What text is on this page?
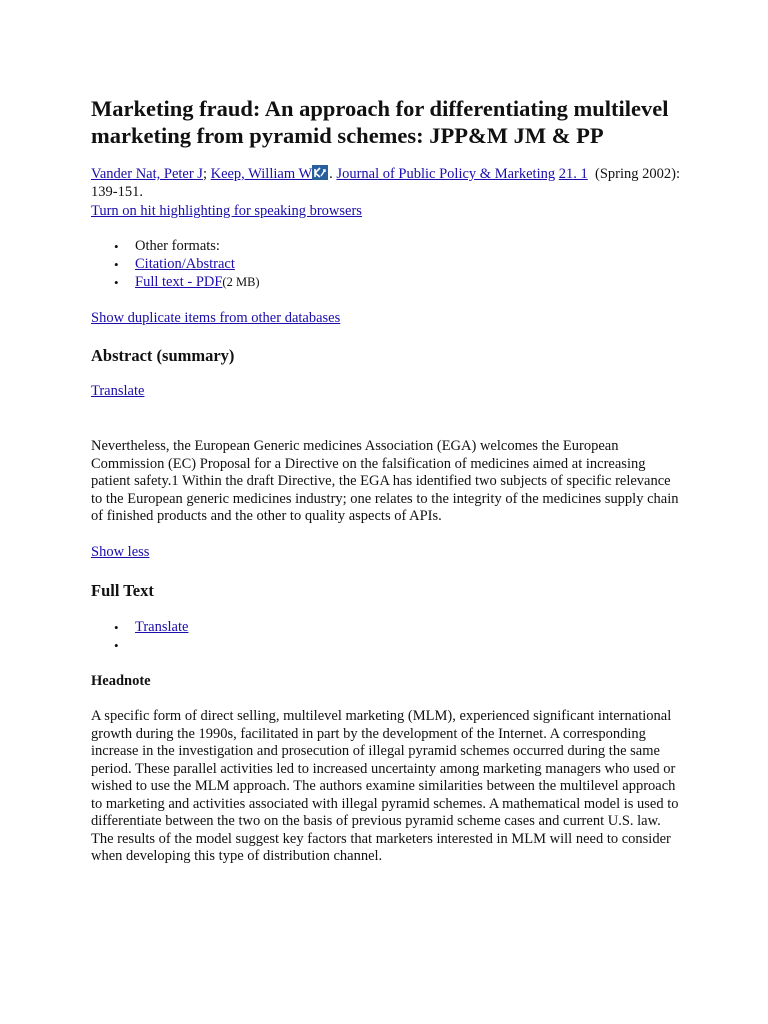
Marketing fraud: An approach for differentiating multilevel marketing from pyramid schemes: JPP&M JM & PP
Vander Nat, Peter J; Keep, William W . Journal of Public Policy & Marketing 21. 1 (Spring 2002): 139-151.
Turn on hit highlighting for speaking browsers
• Other formats:
• Citation/Abstract
• Full text - PDF(2 MB)
Show duplicate items from other databases
Abstract (summary)
Translate

Nevertheless, the European Generic medicines Association (EGA) welcomes the European Commission (EC) Proposal for a Directive on the falsification of medicines aimed at increasing patient safety.1 Within the draft Directive, the EGA has identified two subjects of specific relevance to the European generic medicines industry; one relates to the integrity of the medicines supply chain of finished products and the other to quality aspects of APIs.

Show less
Full Text
• Translate
•
Headnote

A specific form of direct selling, multilevel marketing (MLM), experienced significant international growth during the 1990s, facilitated in part by the development of the Internet. A corresponding increase in the investigation and prosecution of illegal pyramid schemes occurred during the same period. These parallel activities led to increased uncertainty among marketing managers who used or wished to use the MLM approach. The authors examine similarities between the multilevel approach to marketing and activities associated with illegal pyramid schemes. A mathematical model is used to differentiate between the two on the basis of previous pyramid scheme cases and current U.S. law. The results of the model suggest key factors that marketers interested in MLM will need to consider when developing this type of distribution channel.
